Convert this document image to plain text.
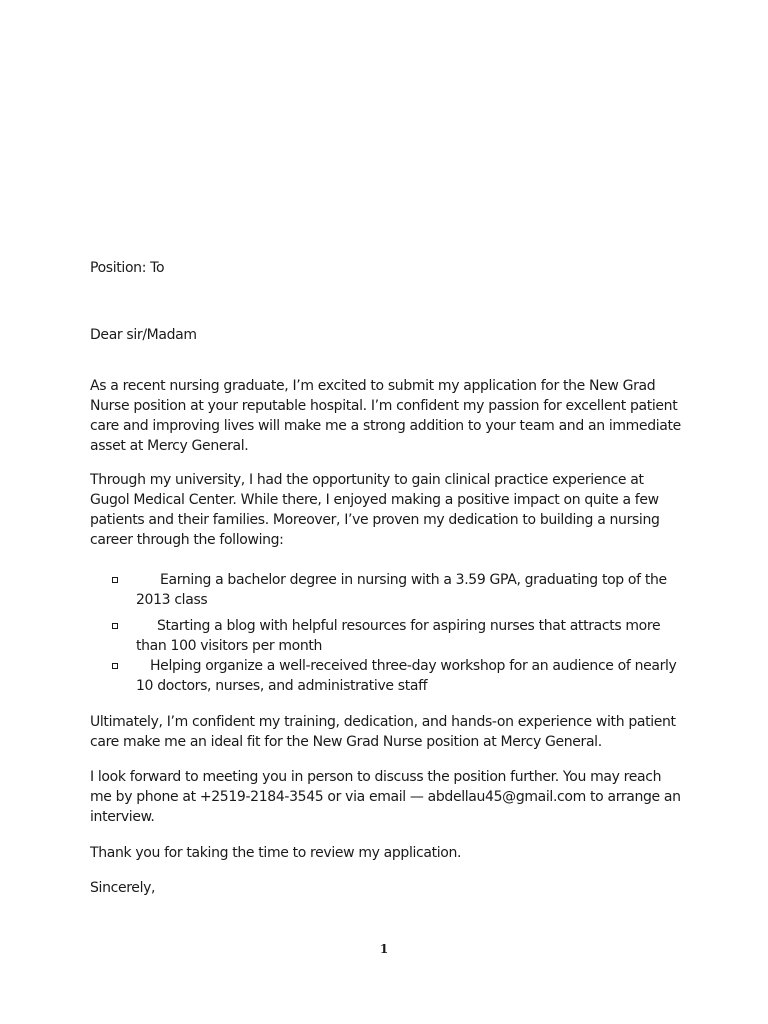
Position: To

Dear sir/Madam

As a recent nursing graduate, I’m excited to submit my application for the New Grad Nurse position at your reputable hospital. I’m confident my passion for excellent patient care and improving lives will make me a strong addition to your team and an immediate asset at Mercy General.

Through my university, I had the opportunity to gain clinical practice experience at Gugol Medical Center. While there, I enjoyed making a positive impact on quite a few patients and their families. Moreover, I’ve proven my dedication to building a nursing career through the following:

Earning a bachelor degree in nursing with a 3.59 GPA, graduating top of the 2013 class
Starting a blog with helpful resources for aspiring nurses that attracts more than 100 visitors per month
Helping organize a well-received three-day workshop for an audience of nearly 10 doctors, nurses, and administrative staff

Ultimately, I’m confident my training, dedication, and hands-on experience with patient care make me an ideal fit for the New Grad Nurse position at Mercy General.

I look forward to meeting you in person to discuss the position further. You may reach me by phone at +2519-2184-3545 or via email — abdellau45@gmail.com to arrange an interview.

Thank you for taking the time to review my application.

Sincerely,

1
